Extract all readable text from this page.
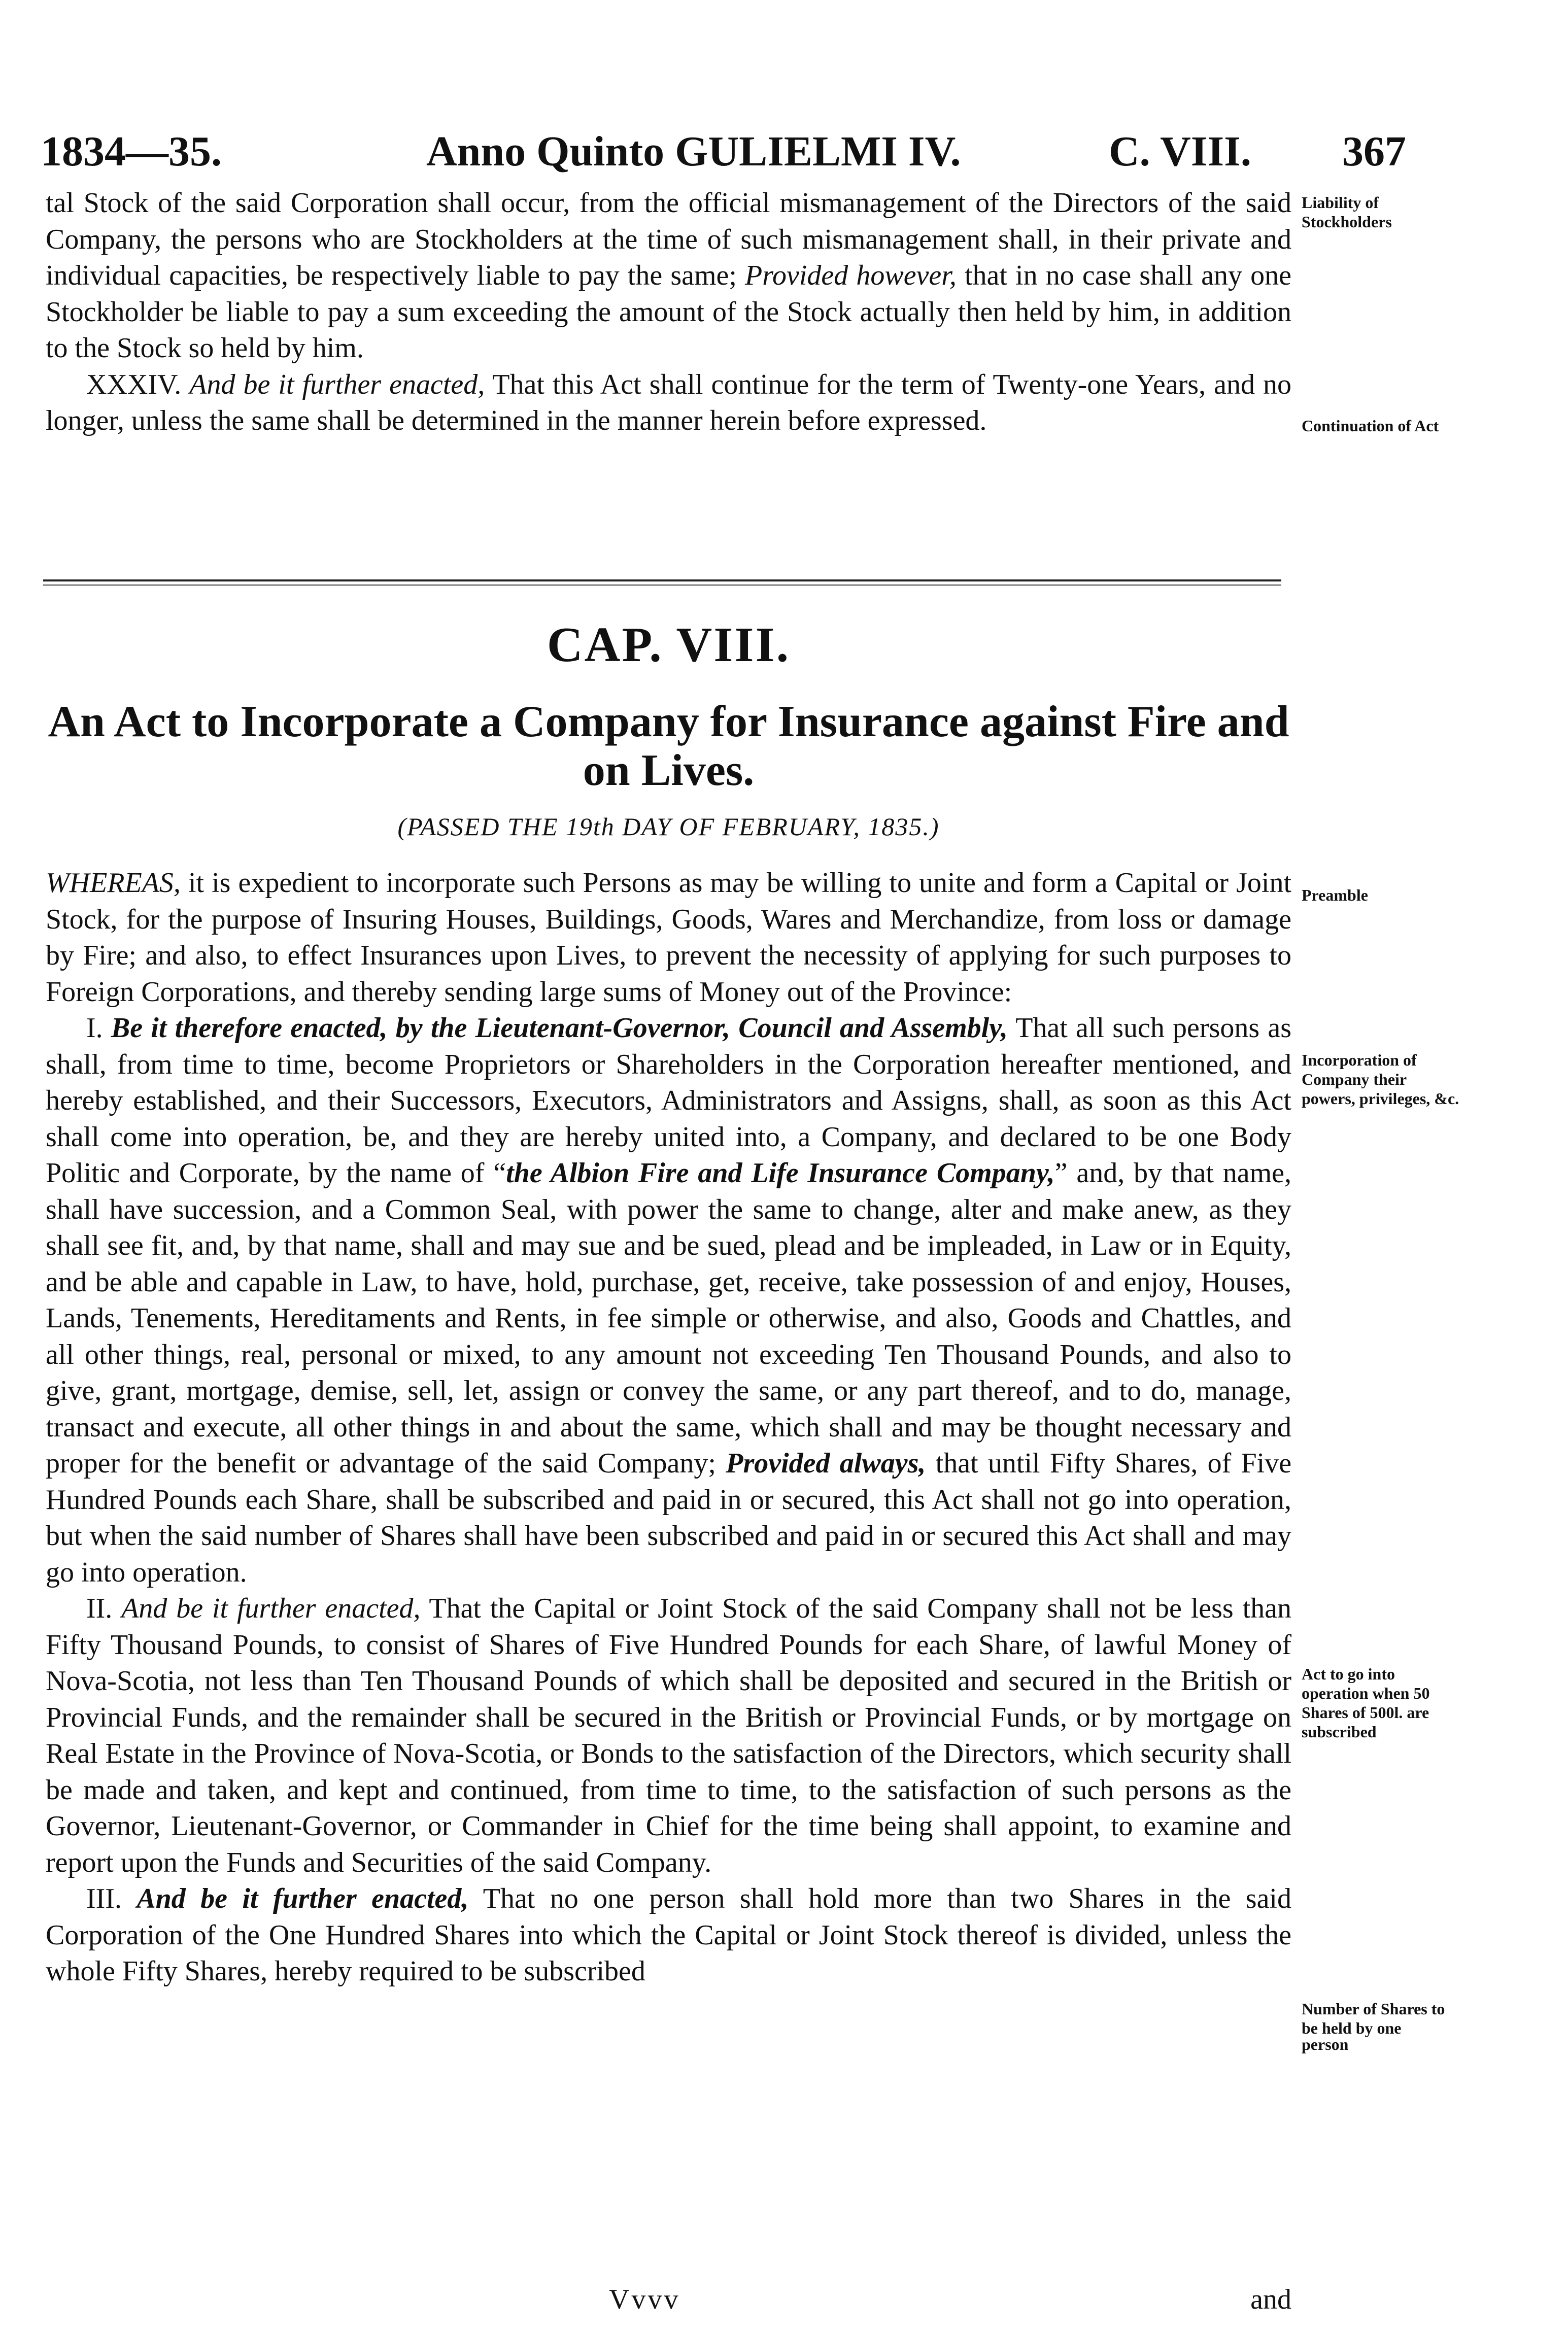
1834—35.	Anno Quinto GULIELMI IV.	C. VIII. 367

tal Stock of the said Corporation shall occur, from the official mismanagement of the Directors of the said Company, the persons who are Stockholders at the time of such mismanagement shall, in their private and individual capacities, be respectively liable to pay the same; Provided however, that in no case shall any one Stockholder be liable to pay a sum exceeding the amount of the Stock actually then held by him, in addition to the Stock so held by him.

XXXIV. And be it further enacted, That this Act shall continue for the term of Twenty-one Years, and no longer, unless the same shall be determined in the manner herein before expressed.

Liability of Stockholders
Continuation of Act
CAP. VIII.
An Act to Incorporate a Company for Insurance against Fire and on Lives.
(PASSED THE 19th DAY OF FEBRUARY, 1835.)

WHEREAS, it is expedient to incorporate such Persons as may be willing to unite and form a Capital or Joint Stock, for the purpose of Insuring Houses, Buildings, Goods, Wares and Merchandize, from loss or damage by Fire; and also, to effect Insurances upon Lives, to prevent the necessity of applying for such purposes to Foreign Corporations, and thereby sending large sums of Money out of the Province:

I. Be it therefore enacted, by the Lieutenant-Governor, Council and Assembly, That all such persons as shall, from time to time, become Proprietors or Shareholders in the Corporation hereafter mentioned, and hereby established, and their Successors, Executors, Administrators and Assigns, shall, as soon as this Act shall come into operation, be, and they are hereby united into, a Company, and declared to be one Body Politic and Corporate, by the name of “the Albion Fire and Life Insurance Company,” and, by that name, shall have succession, and a Common Seal, with power the same to change, alter and make anew, as they shall see fit, and, by that name, shall and may sue and be sued, plead and be impleaded, in Law or in Equity, and be able and capable in Law, to have, hold, purchase, get, receive, take possession of and enjoy, Houses, Lands, Tenements, Hereditaments and Rents, in fee simple or otherwise, and also, Goods and Chattles, and all other things, real, personal or mixed, to any amount not exceeding Ten Thousand Pounds, and also to give, grant, mortgage, demise, sell, let, assign or convey the same, or any part thereof, and to do, manage, transact and execute, all other things in and about the same, which shall and may be thought necessary and proper for the benefit or advantage of the said Company; Provided always, that until Fifty Shares, of Five Hundred Pounds each Share, shall be subscribed and paid in or secured, this Act shall not go into operation, but when the said number of Shares shall have been subscribed and paid in or secured this Act shall and may go into operation.

II. And be it further enacted, That the Capital or Joint Stock of the said Company shall not be less than Fifty Thousand Pounds, to consist of Shares of Five Hundred Pounds for each Share, of lawful Money of Nova-Scotia, not less than Ten Thousand Pounds of which shall be deposited and secured in the British or Provincial Funds, and the remainder shall be secured in the British or Provincial Funds, or by mortgage on Real Estate in the Province of Nova-Scotia, or Bonds to the satisfaction of the Directors, which security shall be made and taken, and kept and continued, from time to time, to the satisfaction of such persons as the Governor, Lieutenant-Governor, or Commander in Chief for the time being shall appoint, to examine and report upon the Funds and Securities of the said Company.

III. And be it further enacted, That no one person shall hold more than two Shares in the said Corporation of the One Hundred Shares into which the Capital or Joint Stock thereof is divided, unless the whole Fifty Shares, hereby required to be subscribed

Preamble
Incorporation of Company their powers, privileges, &c.
Act to go into operation when 50 Shares of 500l. are subscribed
Number of Shares to be held by one
person
Vvvv	and
